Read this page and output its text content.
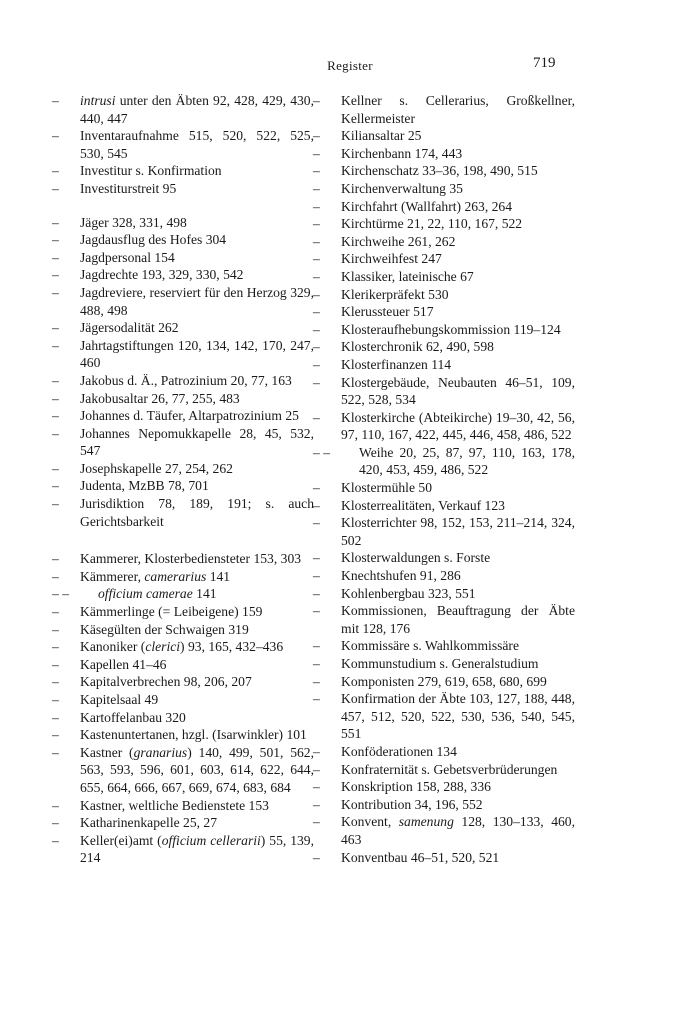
Register	719
–	intrusi unter den Äbten 92, 428, 429, 430, 440, 447
–	Inventaraufnahme 515, 520, 522, 525, 530, 545
–	Investitur s. Konfirmation
–	Investiturstreit 95
–	Jäger 328, 331, 498
–	Jagdausflug des Hofes 304
–	Jagdpersonal 154
–	Jagdrechte 193, 329, 330, 542
–	Jagdreviere, reserviert für den Herzog 329, 488, 498
–	Jägersodalität 262
–	Jahrtagstiftungen 120, 134, 142, 170, 247, 460
–	Jakobus d. Ä., Patrozinium 20, 77, 163
–	Jakobusaltar 26, 77, 255, 483
–	Johannes d. Täufer, Altarpatrozinium 25
–	Johannes Nepomukkapelle 28, 45, 532, 547
–	Josephskapelle 27, 254, 262
–	Judenta, MzBB 78, 701
–	Jurisdiktion 78, 189, 191; s. auch Gerichtsbarkeit
–	Kammerer, Klosterbediensteter 153, 303
–	Kämmerer, camerarius 141
– –	officium camerae 141
–	Kämmerlinge (= Leibeigene) 159
–	Käsegülten der Schwaigen 319
–	Kanoniker (clerici) 93, 165, 432–436
–	Kapellen 41–46
–	Kapitalverbrechen 98, 206, 207
–	Kapitelsaal 49
–	Kartoffelanbau 320
–	Kastenuntertanen, hzgl. (Isarwinkler) 101
–	Kastner (granarius) 140, 499, 501, 562, 563, 593, 596, 601, 603, 614, 622, 644, 655, 664, 666, 667, 669, 674, 683, 684
–	Kastner, weltliche Bedienstete 153
–	Katharinenkapelle 25, 27
–	Keller(ei)amt (officium cellerarii) 55, 139, 214
–	Kellner s. Cellerarius, Großkellner, Kellermeister
–	Kiliansaltar 25
–	Kirchenbann 174, 443
–	Kirchenschatz 33–36, 198, 490, 515
–	Kirchenverwaltung 35
–	Kirchfahrt (Wallfahrt) 263, 264
–	Kirchtürme 21, 22, 110, 167, 522
–	Kirchweihe 261, 262
–	Kirchweihfest 247
–	Klassiker, lateinische 67
–	Klerikerpräfekt 530
–	Klerussteuer 517
–	Klosteraufhebungskommission 119–124
–	Klosterchronik 62, 490, 598
–	Klosterfinanzen 114
–	Klostergebäude, Neubauten 46–51, 109, 522, 528, 534
–	Klosterkirche (Abteikirche) 19–30, 42, 56, 97, 110, 167, 422, 445, 446, 458, 486, 522
– –	Weihe 20, 25, 87, 97, 110, 163, 178, 420, 453, 459, 486, 522
–	Klostermühle 50
–	Klosterrealitäten, Verkauf 123
–	Klosterrichter 98, 152, 153, 211–214, 324, 502
–	Klosterwaldungen s. Forste
–	Knechtshufen 91, 286
–	Kohlenbergbau 323, 551
–	Kommissionen, Beauftragung der Äbte mit 128, 176
–	Kommissäre s. Wahlkommissäre
–	Kommunstudium s. Generalstudium
–	Komponisten 279, 619, 658, 680, 699
–	Konfirmation der Äbte 103, 127, 188, 448, 457, 512, 520, 522, 530, 536, 540, 545, 551
–	Konföderationen 134
–	Konfraternität s. Gebetsverbrüderungen
–	Konskription 158, 288, 336
–	Kontribution 34, 196, 552
–	Konvent, samenung 128, 130–133, 460, 463
–	Konventbau 46–51, 520, 521
